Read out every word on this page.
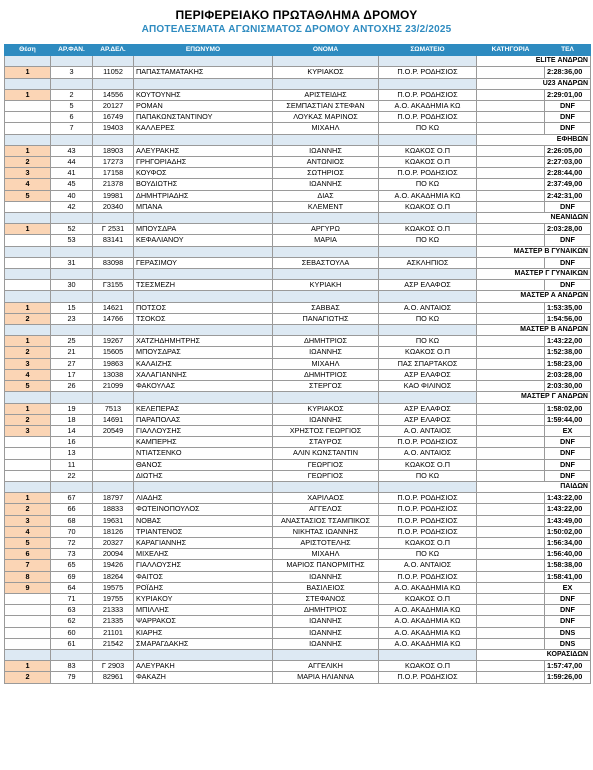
ΠΕΡΙΦΕΡΕΙΑΚΟ ΠΡΩΤΑΘΛΗΜΑ ΔΡΟΜΟΥ
ΑΠΟΤΕΛΕΣΜΑΤΑ ΑΓΩΝΙΣΜΑΤΟΣ ΔΡΟΜΟΥ ΑΝΤΟΧΗΣ 23/2/2025
Θέση	ΑΡ.ΦΑΝ.	ΑΡ.ΔΕΛ.	ΕΠΩΝΥΜΟ	ΟΝΟΜΑ	ΣΩΜΑΤΕΙΟ	ΚΑΤΗΓΟΡΙΑ	ΤΕΛ
						ELITE ΑΝΔΡΩΝ	
1	3	11052	ΠΑΠΑΣΤΑΜΑΤΑΚΗΣ	ΚΥΡΙΑΚΟΣ	Π.Ο.Ρ. ΡΟΔΗΣΙΟΣ		2:28:36,00
						U23 ΑΝΔΡΩΝ	
1	2	14556	ΚΟΥΤΟΥΝΗΣ	ΑΡΙΣΤΕΙΔΗΣ	Π.Ο.Ρ. ΡΟΔΗΣΙΟΣ		2:29:01,00
	5	20127	ΡΟΜΑΝ	ΣΕΜΠΑΣΤΙΑΝ ΣΤΕΦΑΝ	Α.Ο. ΑΚΑΔΗΜΙΑ ΚΩ		DNF
	6	16749	ΠΑΠΑΚΩΝΣΤΑΝΤΙΝΟΥ	ΛΟΥΚΑΣ ΜΑΡΙΝΟΣ	Π.Ο.Ρ. ΡΟΔΗΣΙΟΣ		DNF
	7	19403	ΚΑΛΛΕΡΕΣ	ΜΙΧΑΗΛ	ΠΟ ΚΩ		DNF
						ΕΦΗΒΩΝ	
1	43	18903	ΑΛΕΥΡΑΚΗΣ	ΙΩΑΝΝΗΣ	ΚΩΑΚΟΣ Ο.Π		2:26:05,00
2	44	17273	ΓΡΗΓΟΡΙΑΔΗΣ	ΑΝΤΩΝΙΟΣ	ΚΩΑΚΟΣ Ο.Π		2:27:03,00
3	41	17158	ΚΟΥΦΟΣ	ΣΩΤΗΡΙΟΣ	Π.Ο.Ρ. ΡΟΔΗΣΙΟΣ		2:28:44,00
4	45	21378	ΒΟΥΔΙΩΤΗΣ	ΙΩΑΝΝΗΣ	ΠΟ ΚΩ		2:37:49,00
5	40	19981	ΔΗΜΗΤΡΙΑΔΗΣ	ΔΙΑΣ	Α.Ο. ΑΚΑΔΗΜΙΑ ΚΩ		2:42:31,00
	42	20340	ΜΠΑΝΑ	ΚΛΕΜΕΝΤ	ΚΩΑΚΟΣ Ο.Π		DNF
						ΝΕΑΝΙΔΩΝ	
1	52	Γ 2531	ΜΠΟΥΣΔΡΑ	ΑΡΓΥΡΩ	ΚΩΑΚΟΣ Ο.Π		2:03:28,00
	53	83141	ΚΕΦΑΛΙΑΝΟΥ	ΜΑΡΙΑ	ΠΟ ΚΩ		DNF
						ΜΑΣΤΕΡ Β ΓΥΝΑΙΚΩΝ	
	31	83098	ΓΕΡΑΣΙΜΟΥ	ΣΕΒΑΣΤΟΥΛΑ	ΑΣΚΛΗΠΙΟΣ		DNF
						ΜΑΣΤΕΡ Γ ΓΥΝΑΙΚΩΝ	
	30	Γ3155	ΤΣΕΣΜΕΖΗ	ΚΥΡΙΑΚΗ	ΑΣΡ ΕΛΑΦΟΣ		DNF
						ΜΑΣΤΕΡ Α ΑΝΔΡΩΝ	
1	15	14621	ΠΟΤΣΟΣ	ΣΑΒΒΑΣ	Α.Ο. ΑΝΤΑΙΟΣ		1:53:35,00
2	23	14766	ΤΣΟΚΟΣ	ΠΑΝΑΓΙΩΤΗΣ	ΠΟ ΚΩ		1:54:56,00
						ΜΑΣΤΕΡ Β ΑΝΔΡΩΝ	
1	25	19267	ΧΑΤΖΗΔΗΜΗΤΡΗΣ	ΔΗΜΗΤΡΙΟΣ	ΠΟ ΚΩ		1:43:22,00
2	21	15605	ΜΠΟΥΣΔΡΑΣ	ΙΩΑΝΝΗΣ	ΚΩΑΚΟΣ Ο.Π		1:52:38,00
3	27	19863	ΚΑΛΑΙΖΗΣ	ΜΙΧΑΗΛ	ΠΑΣ ΣΠΑΡΤΑΚΟΣ		1:58:23,00
4	17	13038	ΧΑΛΑΓΙΑΝΝΗΣ	ΔΗΜΗΤΡΙΟΣ	ΑΣΡ ΕΛΑΦΟΣ		2:03:28,00
5	26	21099	ΦΑΚΟΥΛΑΣ	ΣΤΕΡΓΟΣ	ΚΑΟ ΦΙΛΙΝΟΣ		2:03:30,00
						ΜΑΣΤΕΡ Γ ΑΝΔΡΩΝ	
1	19	7513	ΚΕΛΕΠΕΡΑΣ	ΚΥΡΙΑΚΟΣ	ΑΣΡ ΕΛΑΦΟΣ		1:58:02,00
2	18	14691	ΠΑΡΑΠΟΛΑΣ	ΙΩΑΝΝΗΣ	ΑΣΡ ΕΛΑΦΟΣ		1:59:44,00
3	14	20549	ΓΙΑΛΛΟΥΣΗΣ	ΧΡΗΣΤΟΣ ΓΕΩΡΓΙΟΣ	Α.Ο. ΑΝΤΑΙΟΣ		EX
	16		ΚΑΜΠΕΡΗΣ	ΣΤΑΥΡΟΣ	Π.Ο.Ρ. ΡΟΔΗΣΙΟΣ		DNF
	13		ΝΤΙΑΤΣΕΝΚΟ	ΑΛΙΝ ΚΩΝΣΤΑΝΤΙΝ	Α.Ο. ΑΝΤΑΙΟΣ		DNF
	11		ΘΑΝΟΣ	ΓΕΩΡΓΙΟΣ	ΚΩΑΚΟΣ Ο.Π		DNF
	22		ΔΙΩΤΗΣ	ΓΕΩΡΓΙΟΣ	ΠΟ ΚΩ		DNF
						ΠΑΙΔΩΝ	
1	67	18797	ΛΙΑΔΗΣ	ΧΑΡΙΛΑΟΣ	Π.Ο.Ρ. ΡΟΔΗΣΙΟΣ		1:43:22,00
2	66	18833	ΦΩΤΕΙΝΟΠΟΥΛΟΣ	ΑΓΓΕΛΟΣ	Π.Ο.Ρ. ΡΟΔΗΣΙΟΣ		1:43:22,00
3	68	19631	ΝΟΒΑΣ	ΑΝΑΣΤΑΣΙΟΣ ΤΣΑΜΠΙΚΟΣ	Π.Ο.Ρ. ΡΟΔΗΣΙΟΣ		1:43:49,00
4	70	18126	ΤΡΙΑΝΤΕΝΟΣ	ΝΙΚΗΤΑΣ ΙΩΑΝΝΗΣ	Π.Ο.Ρ. ΡΟΔΗΣΙΟΣ		1:50:02,00
5	72	20327	ΚΑΡΑΓΙΑΝΝΗΣ	ΑΡΙΣΤΟΤΕΛΗΣ	ΚΩΑΚΟΣ Ο.Π		1:56:34,00
6	73	20094	ΜΙΧΕΛΗΣ	ΜΙΧΑΗΛ	ΠΟ ΚΩ		1:56:40,00
7	65	19426	ΓΙΑΛΛΟΥΣΗΣ	ΜΑΡΙΟΣ ΠΑΝΟΡΜΙΤΗΣ	Α.Ο. ΑΝΤΑΙΟΣ		1:58:38,00
8	69	18264	ΦΑΙΤΟΣ	ΙΩΑΝΝΗΣ	Π.Ο.Ρ. ΡΟΔΗΣΙΟΣ		1:58:41,00
9	64	19575	ΡΟΪΔΗΣ	ΒΑΣΙΛΕΙΟΣ	Α.Ο. ΑΚΑΔΗΜΙΑ ΚΩ		EX
	71	19755	ΚΥΡΙΑΚΟΥ	ΣΤΕΦΑΝΟΣ	ΚΩΑΚΟΣ Ο.Π		DNF
	63	21333	ΜΠΙΛΛΗΣ	ΔΗΜΗΤΡΙΟΣ	Α.Ο. ΑΚΑΔΗΜΙΑ ΚΩ		DNF
	62	21335	ΨΑΡΡΑΚΟΣ	ΙΩΑΝΝΗΣ	Α.Ο. ΑΚΑΔΗΜΙΑ ΚΩ		DNF
	60	21101	ΚΙΑΡΗΣ	ΙΩΑΝΝΗΣ	Α.Ο. ΑΚΑΔΗΜΙΑ ΚΩ		DNS
	61	21542	ΣΜΑΡΑΓΔΑΚΗΣ	ΙΩΑΝΝΗΣ	Α.Ο. ΑΚΑΔΗΜΙΑ ΚΩ		DNS
						ΚΟΡΑΣΙΔΩΝ	
1	83	Γ 2903	ΑΛΕΥΡΑΚΗ	ΑΓΓΕΛΙΚΗ	ΚΩΑΚΟΣ Ο.Π		1:57:47,00
2	79	82961	ΦΑΚΑΖΗ	ΜΑΡΙΑ ΗΛΙΑΝΝΑ	Π.Ο.Ρ. ΡΟΔΗΣΙΟΣ		1:59:26,00
